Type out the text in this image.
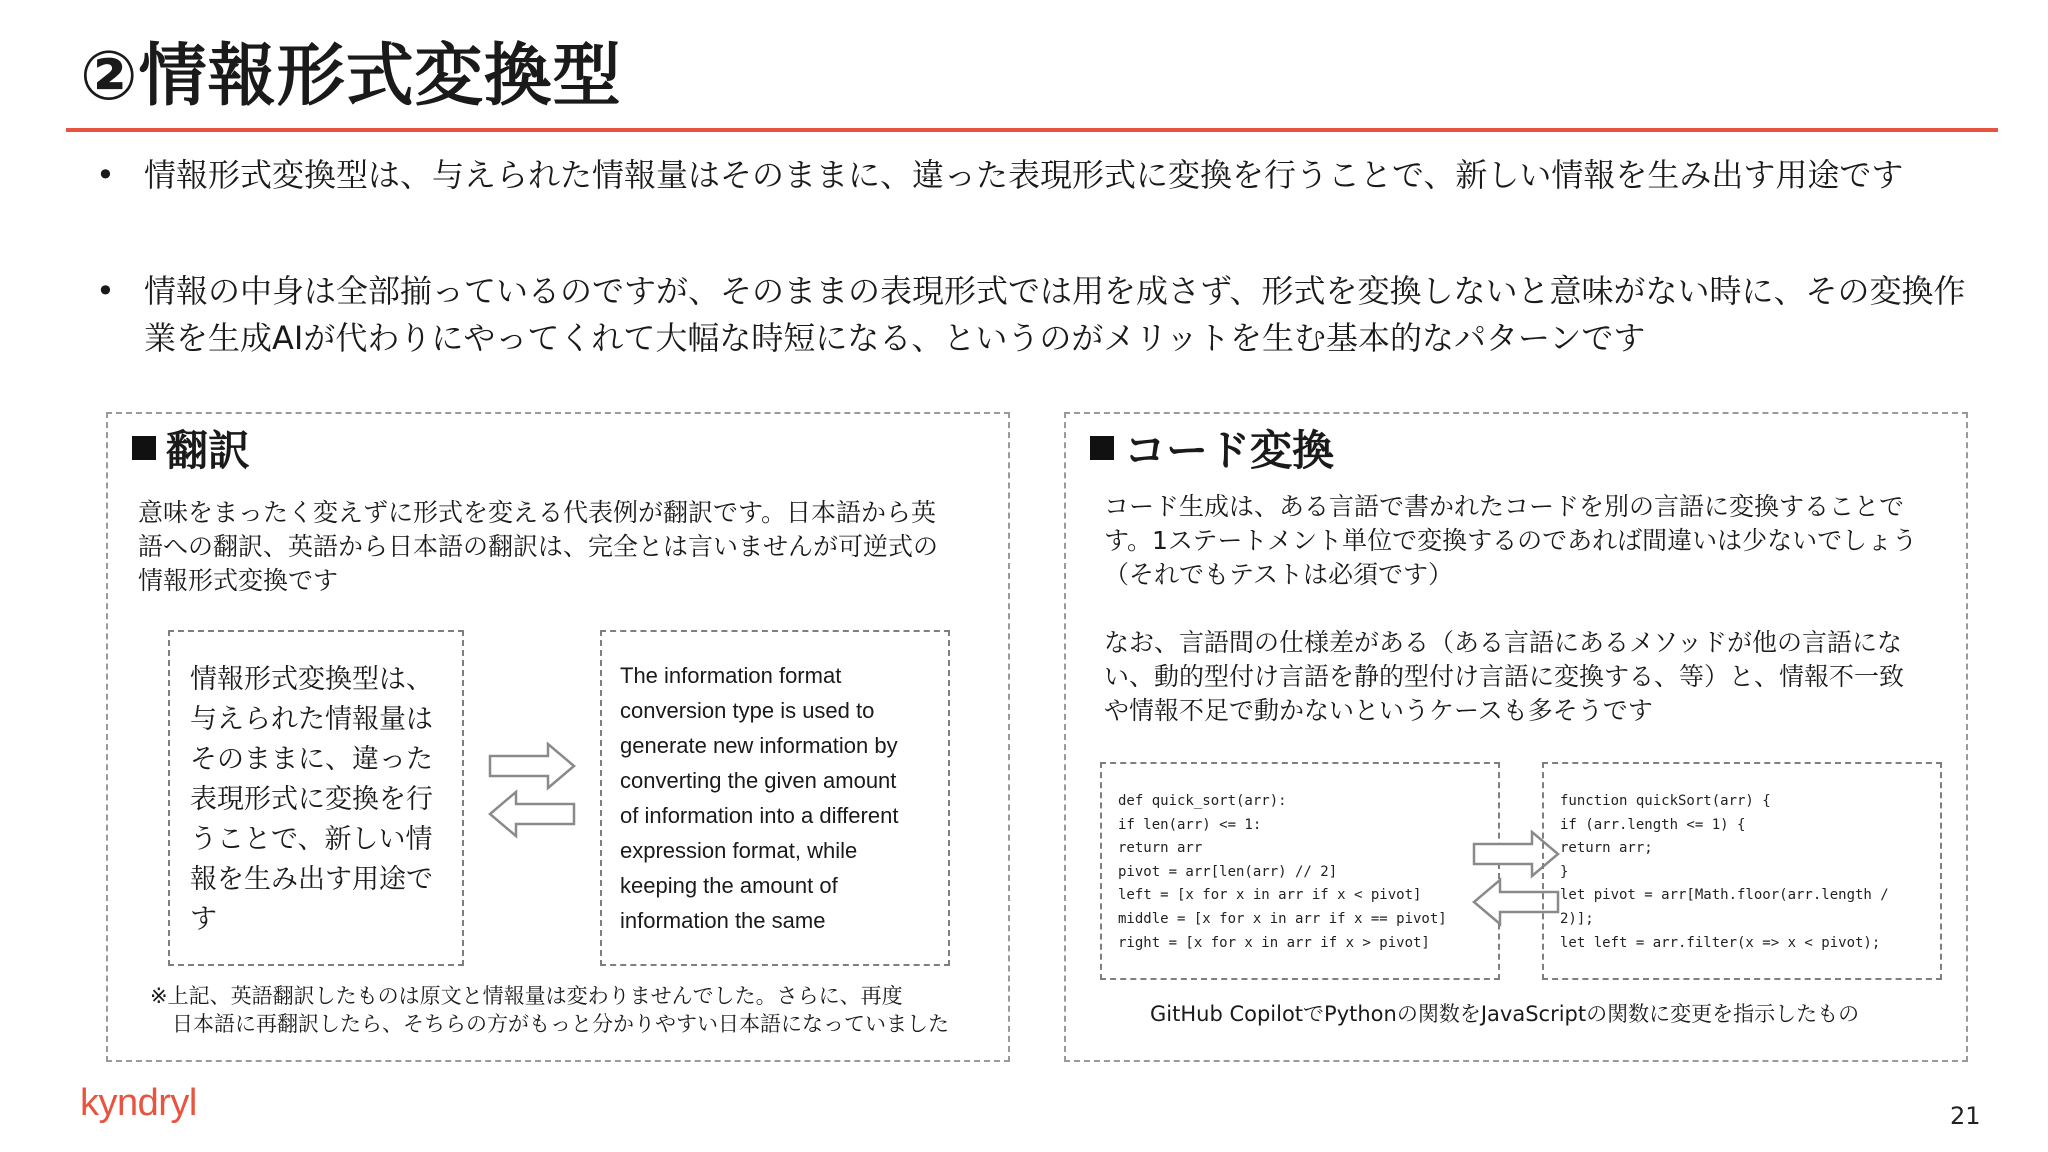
②情報形式変換型
• 情報形式変換型は、与えられた情報量はそのままに、違った表現形式に変換を行うことで、新しい情報を生み出す用途です
• 情報の中身は全部揃っているのですが、そのままの表現形式では用を成さず、形式を変換しないと意味がない時に、その変換作業を生成AIが代わりにやってくれて大幅な時短になる、というのがメリットを生む基本的なパターンです
翻訳
意味をまったく変えずに形式を変える代表例が翻訳です。日本語から英語への翻訳、英語から日本語の翻訳は、完全とは言いませんが可逆式の情報形式変換です
情報形式変換型は、
与えられた情報量は
そのままに、違った
表現形式に変換を行
うことで、新しい情
報を生み出す用途で
す
The information format
conversion type is used to
generate new information by
converting the given amount
of information into a different
expression format, while
keeping the amount of
information the same
※上記、英語翻訳したものは原文と情報量は変わりませんでした。さらに、再度
日本語に再翻訳したら、そちらの方がもっと分かりやすい日本語になっていました
コード変換
コード生成は、ある言語で書かれたコードを別の言語に変換することです。1ステートメント単位で変換するのであれば間違いは少ないでしょう（それでもテストは必須です）
なお、言語間の仕様差がある（ある言語にあるメソッドが他の言語にない、動的型付け言語を静的型付け言語に変換する、等）と、情報不一致や情報不足で動かないというケースも多そうです
def quick_sort(arr):
if len(arr) <= 1:
return arr
pivot = arr[len(arr) // 2]
left = [x for x in arr if x < pivot]
middle = [x for x in arr if x == pivot]
right = [x for x in arr if x > pivot]
function quickSort(arr) {
if (arr.length <= 1) {
return arr;
}
let pivot = arr[Math.floor(arr.length /
2)];
let left = arr.filter(x => x < pivot);
GitHub CopilotでPythonの関数をJavaScriptの関数に変更を指示したもの
kyndryl	21
